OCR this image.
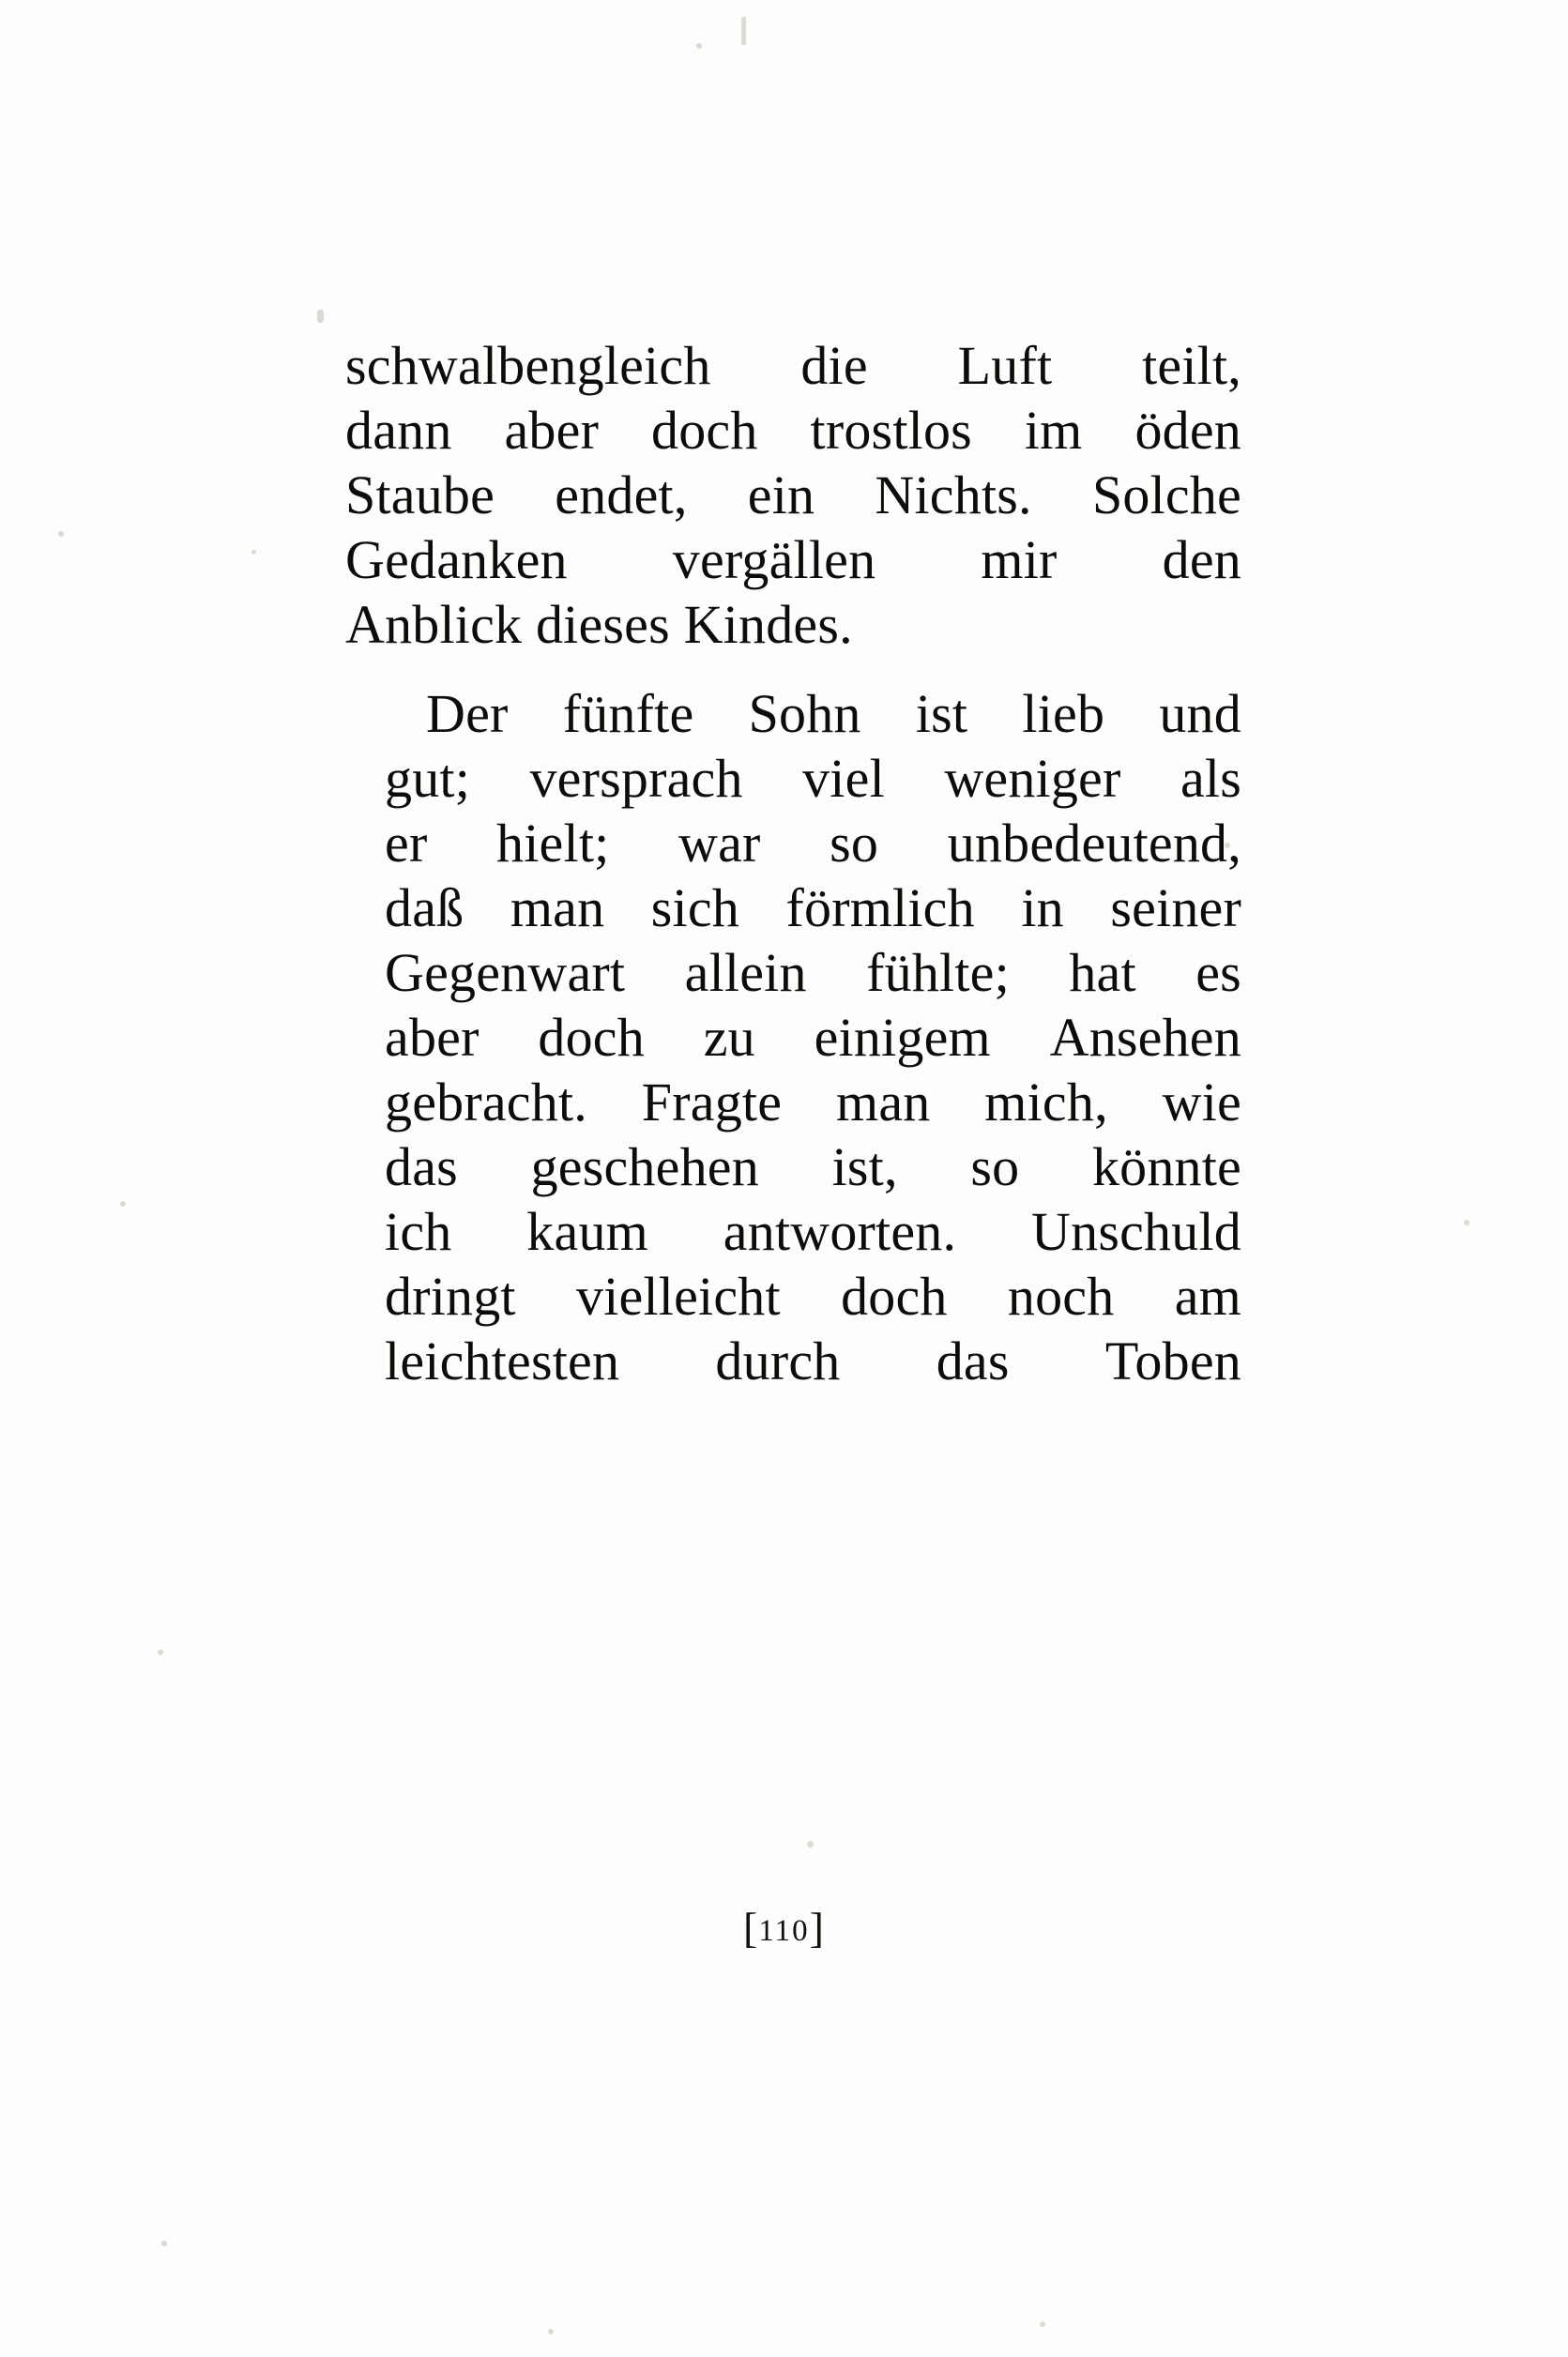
schwalbengleich die Luft teilt,
dann aber doch trostlos im öden
Staube endet, ein Nichts. Solche
Gedanken vergällen mir den
Anblick dieses Kindes.

Der	fünfte	Sohn	ist	lieb	und
gut;	versprach	viel	weniger	als
er	hielt;	war	so	unbedeutend,
daß man sich förmlich in seiner
Gegenwart	allein	fühlte;	hat	es
aber	doch	zu	einigem	Ansehen
gebracht. Fragte man mich, wie
das	geschehen	ist,	so	könnte
ich	kaum	antworten.	Unschuld
dringt	vielleicht	doch	noch	am
leichtesten	durch	das	Toben

[110]
